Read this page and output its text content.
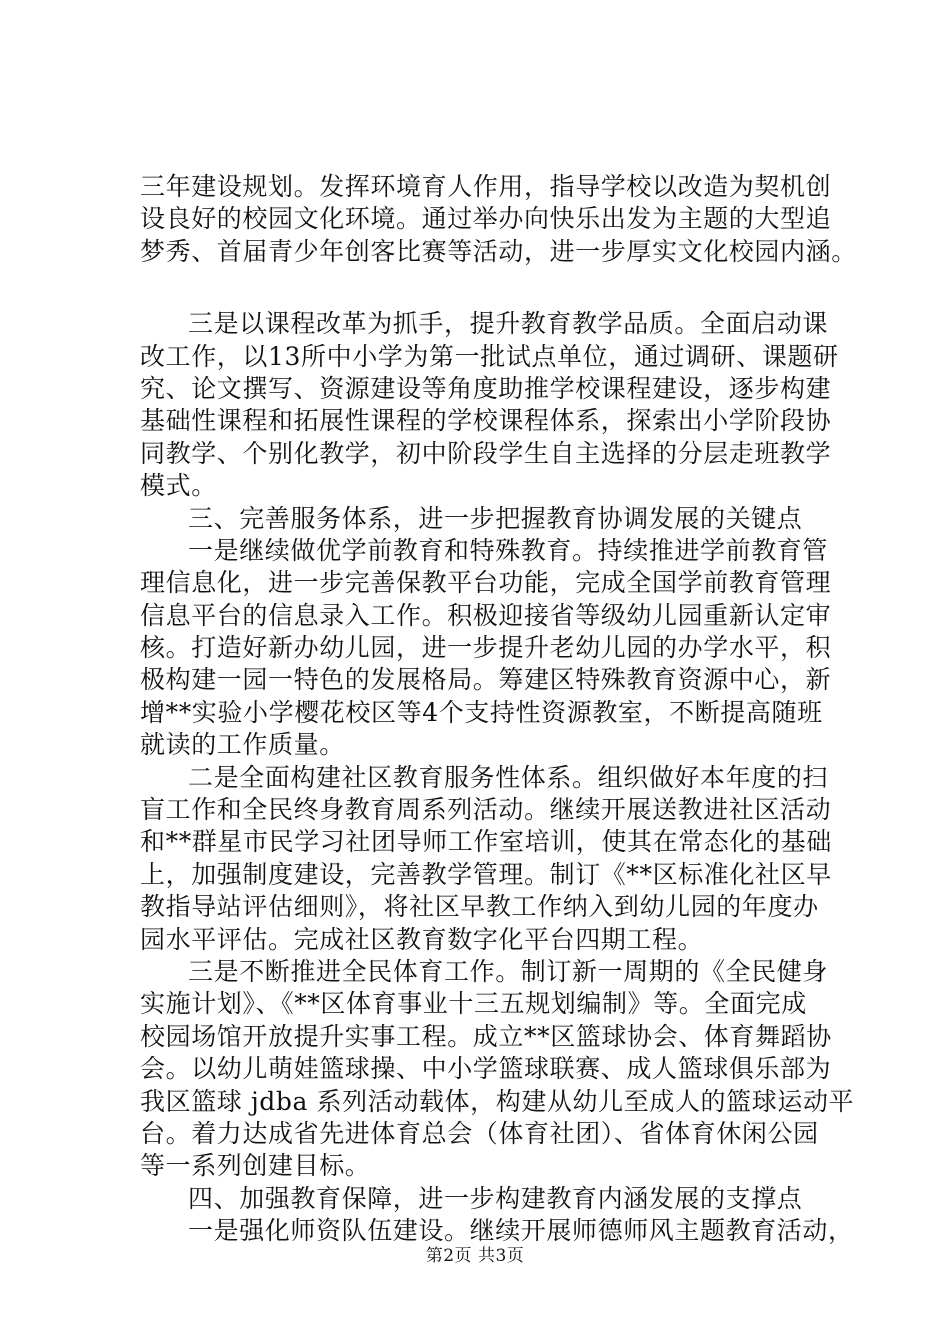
三年建设规划。发挥环境育人作用，指导学校以改造为契机创
设良好的校园文化环境。通过举办向快乐出发为主题的大型追
梦秀、首届青少年创客比赛等活动，进一步厚实文化校园内涵。
三是以课程改革为抓手，提升教育教学品质。全面启动课
改工作，以13所中小学为第一批试点单位，通过调研、课题研
究、论文撰写、资源建设等角度助推学校课程建设，逐步构建
基础性课程和拓展性课程的学校课程体系，探索出小学阶段协
同教学、个别化教学，初中阶段学生自主选择的分层走班教学
模式。
三、完善服务体系，进一步把握教育协调发展的关键点
一是继续做优学前教育和特殊教育。持续推进学前教育管
理信息化，进一步完善保教平台功能，完成全国学前教育管理
信息平台的信息录入工作。积极迎接省等级幼儿园重新认定审
核。打造好新办幼儿园，进一步提升老幼儿园的办学水平，积
极构建一园一特色的发展格局。筹建区特殊教育资源中心，新
增**实验小学樱花校区等4个支持性资源教室，不断提高随班
就读的工作质量。
二是全面构建社区教育服务性体系。组织做好本年度的扫
盲工作和全民终身教育周系列活动。继续开展送教进社区活动
和**群星市民学习社团导师工作室培训，使其在常态化的基础
上，加强制度建设，完善教学管理。制订《**区标准化社区早
教指导站评估细则》，将社区早教工作纳入到幼儿园的年度办
园水平评估。完成社区教育数字化平台四期工程。
三是不断推进全民体育工作。制订新一周期的《全民健身
实施计划》、《**区体育事业十三五规划编制》等。全面完成
校园场馆开放提升实事工程。成立**区篮球协会、体育舞蹈协
会。以幼儿萌娃篮球操、中小学篮球联赛、成人篮球俱乐部为
我区篮球 jdba 系列活动载体，构建从幼儿至成人的篮球运动平
台。着力达成省先进体育总会（体育社团）、省体育休闲公园
等一系列创建目标。
四、加强教育保障，进一步构建教育内涵发展的支撑点
一是强化师资队伍建设。继续开展师德师风主题教育活动，
第2页 共3页
